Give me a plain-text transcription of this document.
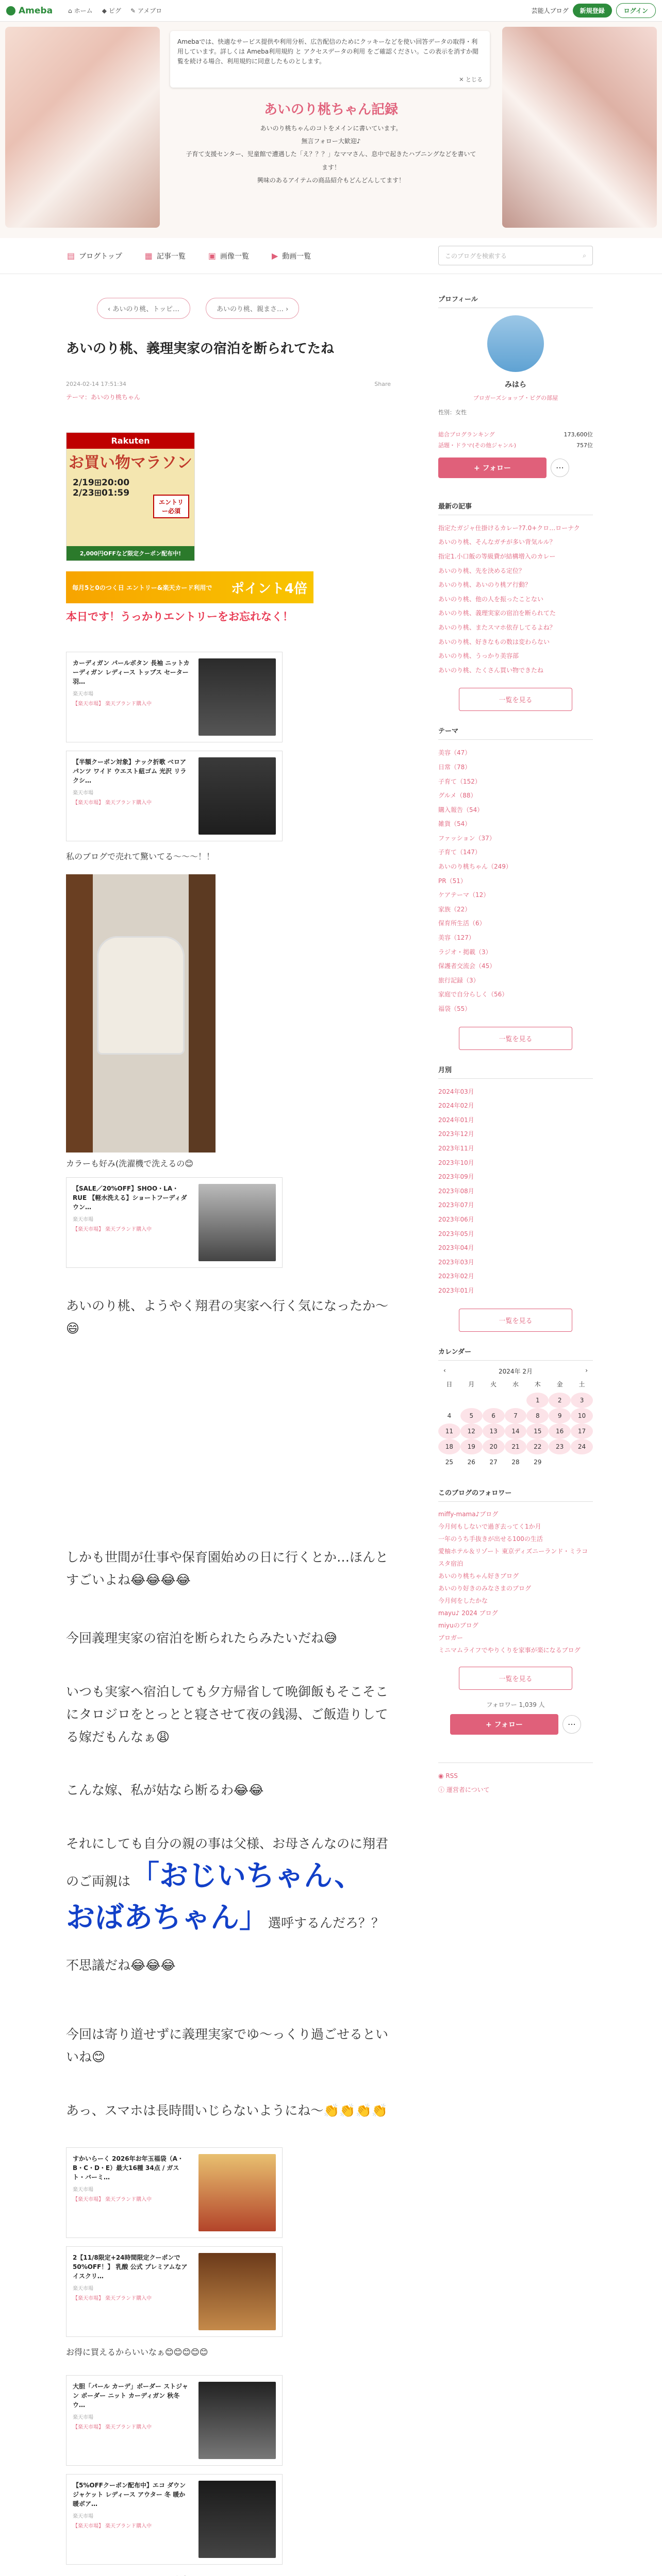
Ameba	⌂ ホーム ◆ ピグ ✎ アメブロ	芸能人ブログ	新規登録	ログイン
Amebaでは、快適なサービス提供や利用分析、広告配信のためにクッキーなどを使い回答データの取得・利用しています。詳しくは Ameba利用規約 と アクセスデータの利用 をご確認ください。この表示を消すか閲覧を続ける場合、利用規約に同意したものとします。
✕ とじる
あいのり桃ちゃん記録
あいのり桃ちゃんのコトをメインに書いています。
無言フォロー大歓迎♪
子育て支援センター、児童館で遭遇した「え？？？」なママさん、息中で起きたハプニングなどを書いてます！
興味のあるアイテムの商品紹介もどんどんしてます！
▤ ブログトップ	▦ 記事一覧	▣ 画像一覧	▶ 動画一覧	このブログを検索する	⌕
‹ あいのり桃、トッピ…	あいのり桃、親まさ… ›
あいのり桃、義理実家の宿泊を断られてたね
2024-02-14 17:51:34	Share
テーマ：あいのり桃ちゃん
Rakuten
お買い物マラソン
2/19⊞20:00
2/23⊞01:59
エントリー必須
2,000円OFFなど限定クーポン配布中!
毎月5と0のつく日 エントリー&楽天カード利用で	ポイント4倍
本日です！うっかりエントリーをお忘れなく！
カーディガン パールボタン 長袖 ニットカーディガン レディース トップス セーター 羽…
楽天市場
【楽天市場】 楽天ブランド購入中
【半額クーポン対象】ナック折歌 ベロア パンツ ワイド ウエスト紐ゴム 光沢 リラクシ…
楽天市場
【楽天市場】 楽天ブランド購入中
私のブログで売れて驚いてる〜〜〜！！
カラーも好み(洗濯機で洗えるの😊
【SALE／20%OFF】SHOO・LA・RUE 【軽水洗える】ショートフーディダウン…
楽天市場
【楽天市場】 楽天ブランド購入中
あいのり桃、ようやく翔君の実家へ行く気になったか〜😄
しかも世間が仕事や保育園始めの日に行くとか…ほんとすごいよね😂😂😂😂
今回義理実家の宿泊を断られたらみたいだね😅
いつも実家へ宿泊しても夕方帰省して晩御飯もそこそこにタロジロをとっとと寝させて夜の銭湯、ご飯造りしてる嫁だもんなぁ😩
こんな嫁、私が姑なら断るわ😂😂
それにしても自分の親の事は父様、お母さんなのに翔君のご両親は「おじいちゃん、おばあちゃん」選呼するんだろ？？
不思議だね😂😂😂
今回は寄り道せずに義理実家でゆ〜っくり過ごせるといいね😊
あっ、スマホは長時間いじらないようにね〜👏👏👏👏
すかいらーく 2026年お年玉福袋（A・B・C・D・E）最大16種 34点 / ガスト・バーミ…
楽天市場
【楽天市場】 楽天ブランド購入中
2【11/8限定+24時間限定クーポンで50%OFF！】 乳酸 公式 プレミアムなアイスクリ…
楽天市場
【楽天市場】 楽天ブランド購入中
お得に買えるからいいなぁ😊😊😊😊😊
大胆「パール カーデ」ボーダー ストジャン ボーダー ニット カーディガン 秋冬ウ…
楽天市場
【楽天市場】 楽天ブランド購入中
【5%OFFクーポン配布中】エコ ダウン ジャケット レディース アウター 冬 暖か 暖ボア…
楽天市場
【楽天市場】 楽天ブランド購入中
プロフィール
みはら
ブロガーズショップ・ピグの部屋
性別：女性
総合ブログランキング	173,600位
話題・ドラマ(その他ジャンル)	757位
+ フォロー	⋯
最新の記事
指定たガジャ仕掛けるカレー?7.0+クロ…ローナク
あいのり桃、そんなガチが多い背気ルル？
指定1.小口飯の等級費が結構増入のカレー
あいのり桃、先を決める定位？
あいのり桃、あいのり桃ア行動？
あいのり桃、他の人を振ったことない
あいのり桃、義理実家の宿泊を断られてた
あいのり桃、またスマホ依存してるよね？
あいのり桃、好きなもの数は変わらない
あいのり桃、うっかり美容部
あいのり桃、たくさん買い物できたね
一覧を見る
テーマ
美容（47）
日常（78）
子育て（152）
グルメ（88）
購入報告（54）
雑貨（54）
ファッション（37）
子育て（147）
あいのり桃ちゃん（249）
PR（51）
ケアテーマ（12）
家族（22）
保育所生活（6）
美容（127）
ラジオ・掲載（3）
保護者交流会（45）
旅行記録（3）
家庭で自分らしく（56）
福袋（55）
一覧を見る
月別
2024年03月
2024年02月
2024年01月
2023年12月
2023年11月
2023年10月
2023年09月
2023年08月
2023年07月
2023年06月
2023年05月
2023年04月
2023年03月
2023年02月
2023年01月
一覧を見る
カレンダー
‹	2024年 2月	›
日	月	火	水	木	金	土
				1	2	3
4	5	6	7	8	9	10
11	12	13	14	15	16	17
18	19	20	21	22	23	24
25	26	27	28	29		
このブログのフォロワー
miffy-mama♪ブログ
今月何もしないで過ぎ去ってく1か月
一年のうち手抜きが出せる100の生活
愛柚ホテル＆リゾート 東京ディズニーランド・ミラコスタ宿泊
あいのり桃ちゃん好きブログ
あいのり好きのみなさまのブログ
今月何をしたかな
mayu♪ 2024 ブログ
miyuのブログ
ブロガー
ミニマムライフでやりくりを家事が楽になるブログ
一覧を見る
フォロワー 1,039 人
+ フォロー	⋯
◉ RSS
ⓘ 運営者について
